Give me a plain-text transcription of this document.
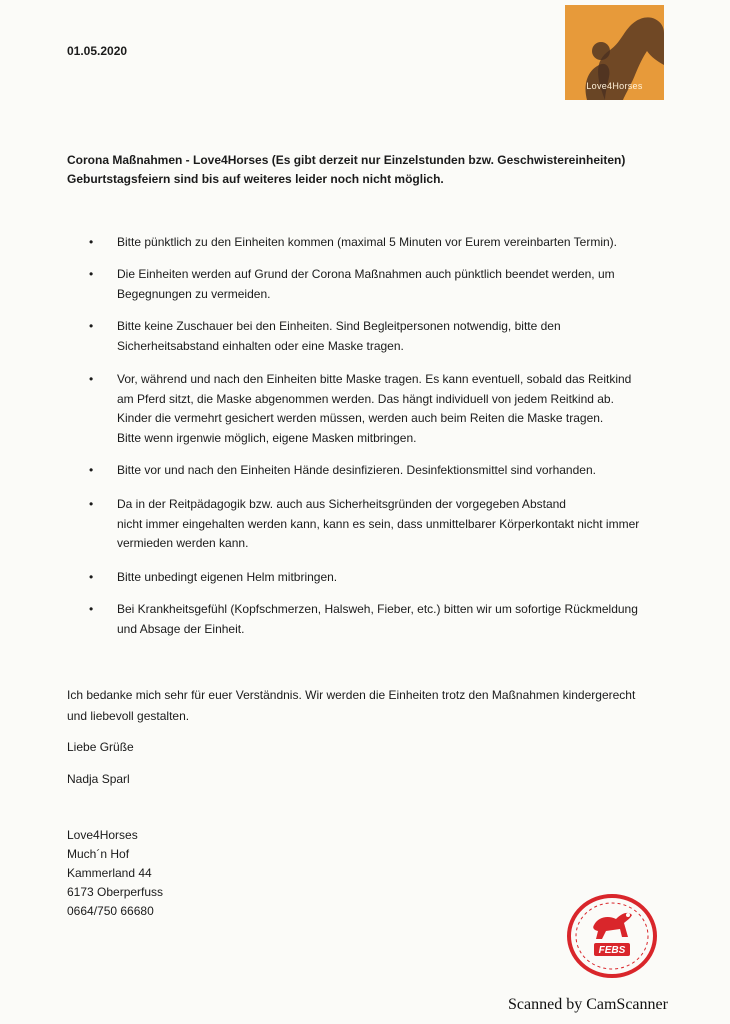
01.05.2020
Love4Horses
Corona Maßnahmen - Love4Horses (Es gibt derzeit nur Einzelstunden bzw. Geschwistereinheiten)
Geburtstagsfeiern sind bis auf weiteres leider noch nicht möglich.
•	Bitte pünktlich zu den Einheiten kommen (maximal 5 Minuten vor Eurem vereinbarten Termin).
•	Die Einheiten werden auf Grund der Corona Maßnahmen auch pünktlich beendet werden, um
Begegnungen zu vermeiden.
•	Bitte keine Zuschauer bei den Einheiten. Sind Begleitpersonen notwendig, bitte den
Sicherheitsabstand einhalten oder eine Maske tragen.
•	Vor, während und nach den Einheiten bitte Maske tragen. Es kann eventuell, sobald das Reitkind
am Pferd sitzt, die Maske abgenommen werden. Das hängt individuell von jedem Reitkind ab.
Kinder die vermehrt gesichert werden müssen, werden auch beim Reiten die Maske tragen.
Bitte wenn irgenwie möglich, eigene Masken mitbringen.
•	Bitte vor und nach den Einheiten Hände desinfizieren. Desinfektionsmittel sind vorhanden.
•	Da in der Reitpädagogik bzw. auch aus Sicherheitsgründen der vorgegeben Abstand
nicht immer eingehalten werden kann, kann es sein, dass unmittelbarer Körperkontakt nicht immer
vermieden werden kann.
•	Bitte unbedingt eigenen Helm mitbringen.
•	Bei Krankheitsgefühl (Kopfschmerzen, Halsweh, Fieber, etc.) bitten wir um sofortige Rückmeldung
und Absage der Einheit.
Ich bedanke mich sehr für euer Verständnis. Wir werden die Einheiten trotz den Maßnahmen kindergerecht
und liebevoll gestalten.
Liebe Grüße
Nadja Sparl
Love4Horses
Much´n Hof
Kammerland 44
6173 Oberperfuss
0664/750 66680
FEBS
Scanned by CamScanner
